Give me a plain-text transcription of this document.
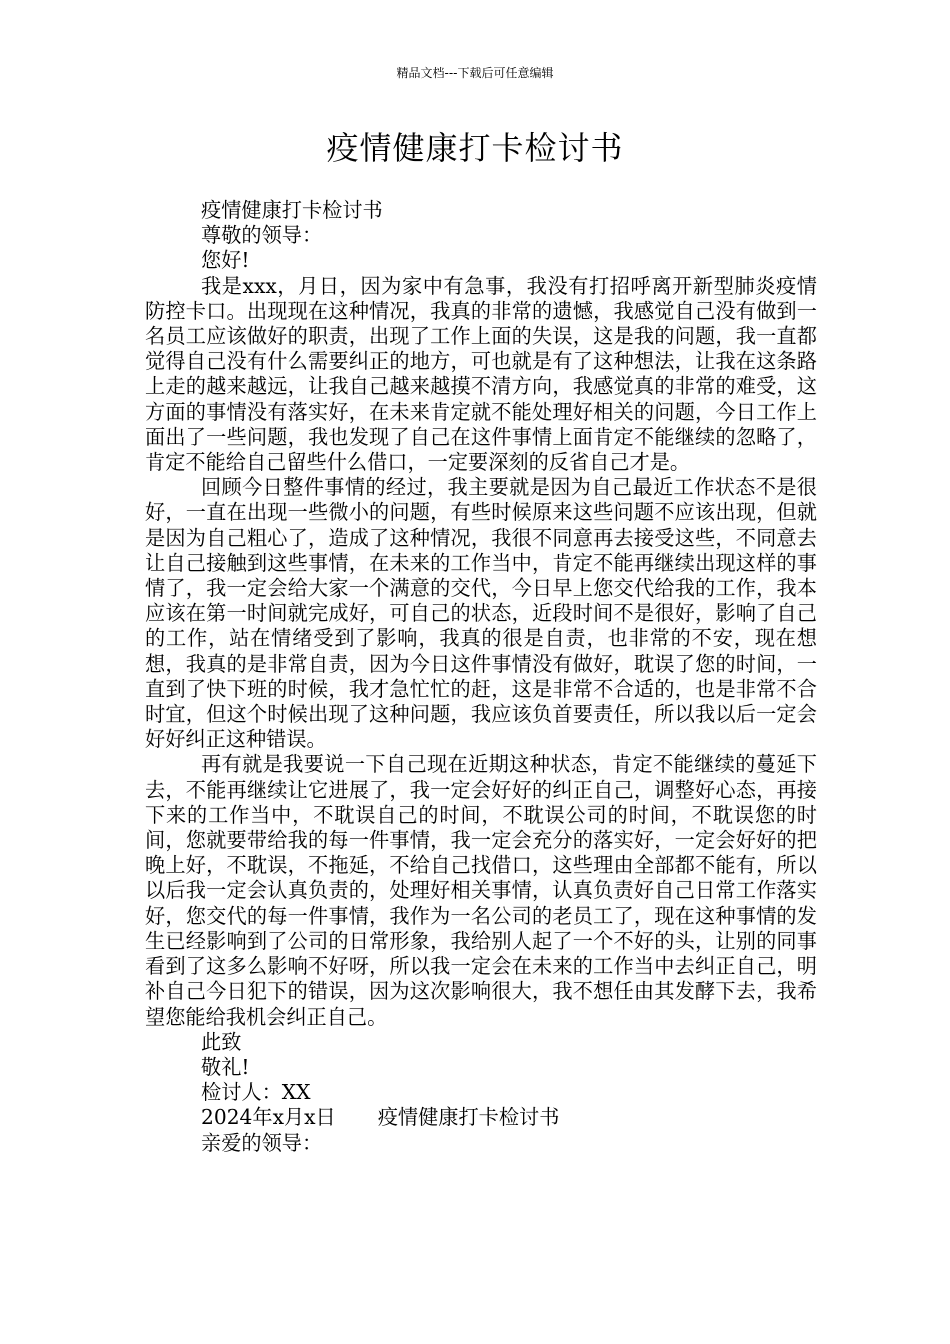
精品文档---下载后可任意编辑
疫情健康打卡检讨书
疫情健康打卡检讨书
尊敬的领导：
您好!
我是xxx，月日，因为家中有急事，我没有打招呼离开新型肺炎疫情防控卡口。出现现在这种情况，我真的非常的遗憾，我感觉自己没有做到一名员工应该做好的职责，出现了工作上面的失误，这是我的问题，我一直都觉得自己没有什么需要纠正的地方，可也就是有了这种想法，让我在这条路上走的越来越远，让我自己越来越摸不清方向，我感觉真的非常的难受，这方面的事情没有落实好，在未来肯定就不能处理好相关的问题，今日工作上面出了一些问题，我也发现了自己在这件事情上面肯定不能继续的忽略了，肯定不能给自己留些什么借口，一定要深刻的反省自己才是。
回顾今日整件事情的经过，我主要就是因为自己最近工作状态不是很好，一直在出现一些微小的问题，有些时候原来这些问题不应该出现，但就是因为自己粗心了，造成了这种情况，我很不同意再去接受这些，不同意去让自己接触到这些事情，在未来的工作当中，肯定不能再继续出现这样的事情了，我一定会给大家一个满意的交代，今日早上您交代给我的工作，我本应该在第一时间就完成好，可自己的状态，近段时间不是很好，影响了自己的工作，站在情绪受到了影响，我真的很是自责，也非常的不安，现在想想，我真的是非常自责，因为今日这件事情没有做好，耽误了您的时间，一直到了快下班的时候，我才急忙忙的赶，这是非常不合适的，也是非常不合时宜，但这个时候出现了这种问题，我应该负首要责任，所以我以后一定会好好纠正这种错误。
再有就是我要说一下自己现在近期这种状态，肯定不能继续的蔓延下去，不能再继续让它进展了，我一定会好好的纠正自己，调整好心态，再接下来的工作当中，不耽误自己的时间，不耽误公司的时间，不耽误您的时间，您就要带给我的每一件事情，我一定会充分的落实好，一定会好好的把晚上好，不耽误，不拖延，不给自己找借口，这些理由全部都不能有，所以以后我一定会认真负责的，处理好相关事情，认真负责好自己日常工作落实好，您交代的每一件事情，我作为一名公司的老员工了，现在这种事情的发生已经影响到了公司的日常形象，我给别人起了一个不好的头，让别的同事看到了这多么影响不好呀，所以我一定会在未来的工作当中去纠正自己，明补自己今日犯下的错误，因为这次影响很大，我不想任由其发酵下去，我希望您能给我机会纠正自己。
此致
敬礼!
检讨人：XX
2024年x月x日 疫情健康打卡检讨书
亲爱的领导：
